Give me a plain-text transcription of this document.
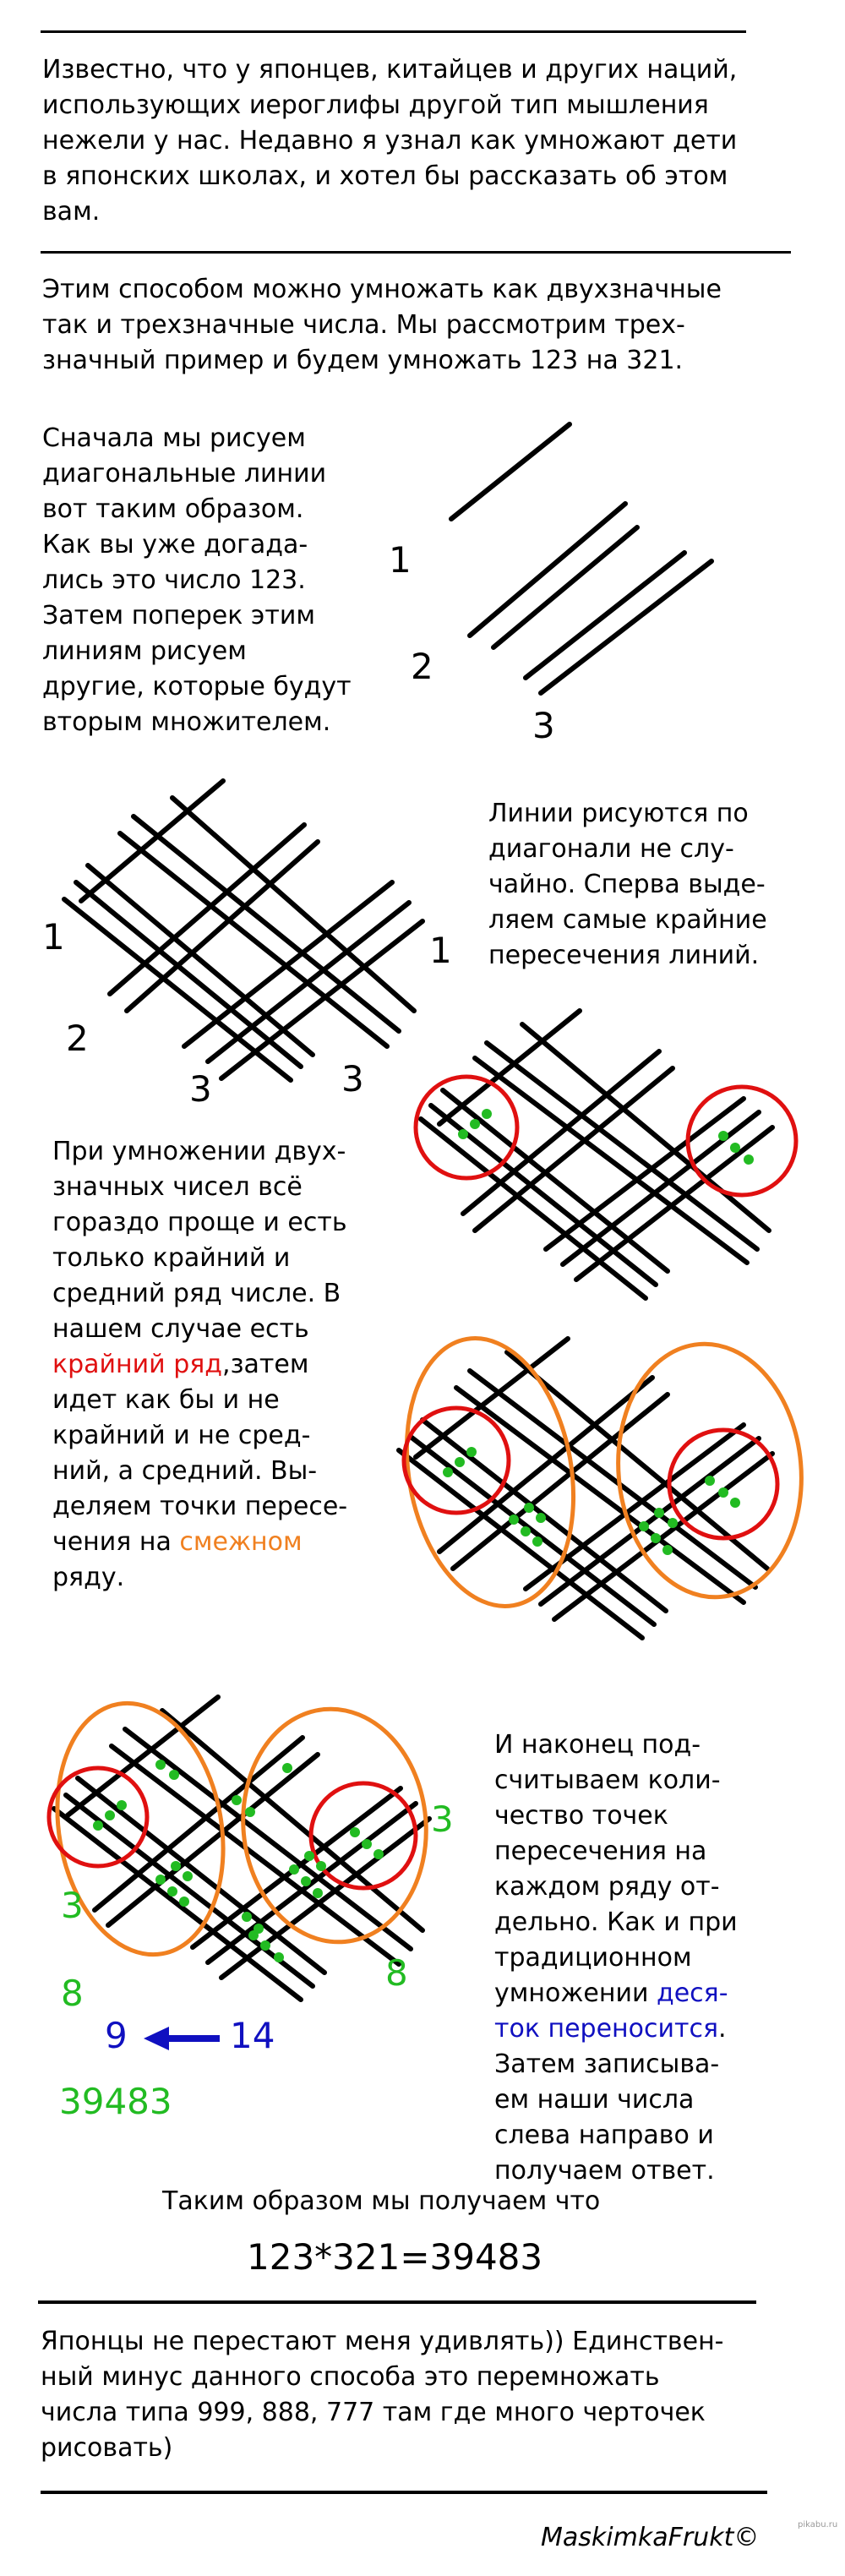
Известно, что у японцев, китайцев и других наций,
использующих иероглифы другой тип мышления
нежели у нас. Недавно я узнал как умножают дети
в японских школах, и хотел бы рассказать об этом
вам.
Этим способом можно умножать как двухзначные
так и трехзначные числа. Мы рассмотрим трех-
значный пример и будем умножать 123 на 321.
Сначала мы рисуем
диагональные линии
вот таким образом.
Как вы уже догада-
лись это число 123.
Затем поперек этим
линиям рисуем
другие, которые будут
вторым множителем.
Линии рисуются по
диагонали не слу-
чайно. Сперва выде-
ляем самые крайние
пересечения линий.
При умножении двух-
значных чисел всё
гораздо проще и есть
только крайний и
средний ряд числе. В
нашем случае есть
крайний ряд,затем
идет как бы и не
крайний и не сред-
ний, а средний. Вы-
деляем точки пересе-
чения на смежном
ряду.
И наконец под-
считываем коли-
чество точек
пересечения на
каждом ряду от-
дельно. Как и при
традиционном
умножении деся-
ток переносится.
Затем записыва-
ем наши числа
слева направо и
получаем ответ.
Таким образом мы получаем что
123*321=39483
Японцы не перестают меня удивлять)) Единствен-
ный минус данного способа это перемножать
числа типа 999, 888, 777 там где много черточек
рисовать)
MaskimkaFrukt©	pikabu.ru
1
2
3
1
2
3
1
3
3
3
8	8
9	14
39483
